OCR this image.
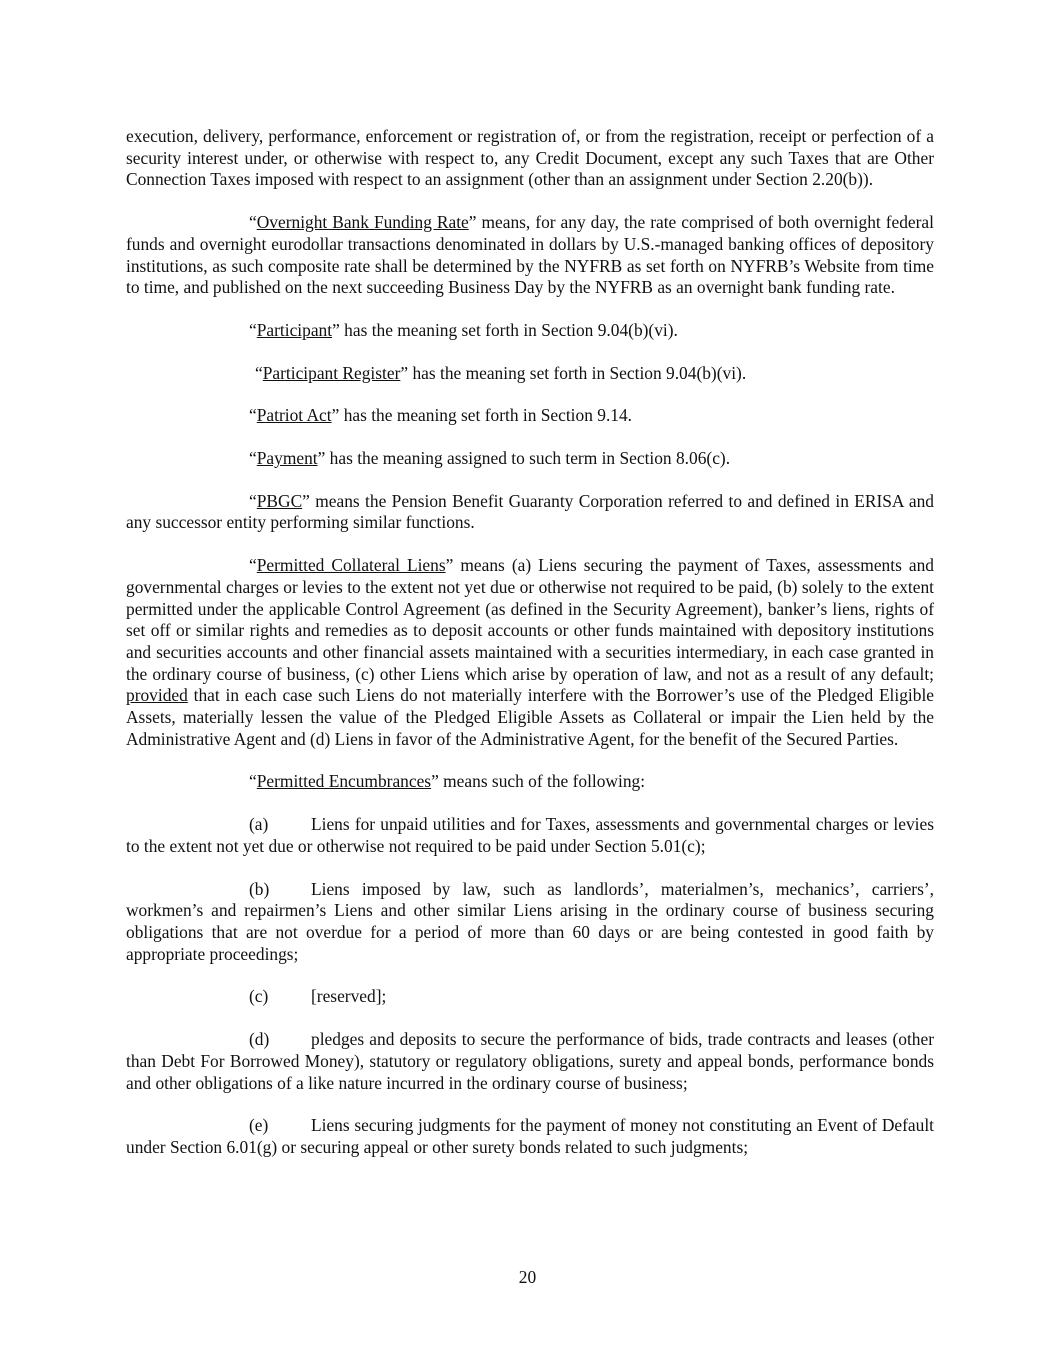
execution, delivery, performance, enforcement or registration of, or from the registration, receipt or perfection of a security interest under, or otherwise with respect to, any Credit Document, except any such Taxes that are Other Connection Taxes imposed with respect to an assignment (other than an assignment under Section 2.20(b)).

“Overnight Bank Funding Rate” means, for any day, the rate comprised of both overnight federal funds and overnight eurodollar transactions denominated in dollars by U.S.-managed banking offices of depository institutions, as such composite rate shall be determined by the NYFRB as set forth on NYFRB’s Website from time to time, and published on the next succeeding Business Day by the NYFRB as an overnight bank funding rate.

“Participant” has the meaning set forth in Section 9.04(b)(vi).

“Participant Register” has the meaning set forth in Section 9.04(b)(vi).

“Patriot Act” has the meaning set forth in Section 9.14.

“Payment” has the meaning assigned to such term in Section 8.06(c).

“PBGC” means the Pension Benefit Guaranty Corporation referred to and defined in ERISA and any successor entity performing similar functions.

“Permitted Collateral Liens” means (a) Liens securing the payment of Taxes, assessments and governmental charges or levies to the extent not yet due or otherwise not required to be paid, (b) solely to the extent permitted under the applicable Control Agreement (as defined in the Security Agreement), banker’s liens, rights of set off or similar rights and remedies as to deposit accounts or other funds maintained with depository institutions and securities accounts and other financial assets maintained with a securities intermediary, in each case granted in the ordinary course of business, (c) other Liens which arise by operation of law, and not as a result of any default; provided that in each case such Liens do not materially interfere with the Borrower’s use of the Pledged Eligible Assets, materially lessen the value of the Pledged Eligible Assets as Collateral or impair the Lien held by the Administrative Agent and (d) Liens in favor of the Administrative Agent, for the benefit of the Secured Parties.

“Permitted Encumbrances” means such of the following:

(a) Liens for unpaid utilities and for Taxes, assessments and governmental charges or levies to the extent not yet due or otherwise not required to be paid under Section 5.01(c);

(b) Liens imposed by law, such as landlords’, materialmen’s, mechanics’, carriers’, workmen’s and repairmen’s Liens and other similar Liens arising in the ordinary course of business securing obligations that are not overdue for a period of more than 60 days or are being contested in good faith by appropriate proceedings;

(c) [reserved];

(d) pledges and deposits to secure the performance of bids, trade contracts and leases (other than Debt For Borrowed Money), statutory or regulatory obligations, surety and appeal bonds, performance bonds and other obligations of a like nature incurred in the ordinary course of business;

(e) Liens securing judgments for the payment of money not constituting an Event of Default under Section 6.01(g) or securing appeal or other surety bonds related to such judgments;

20
